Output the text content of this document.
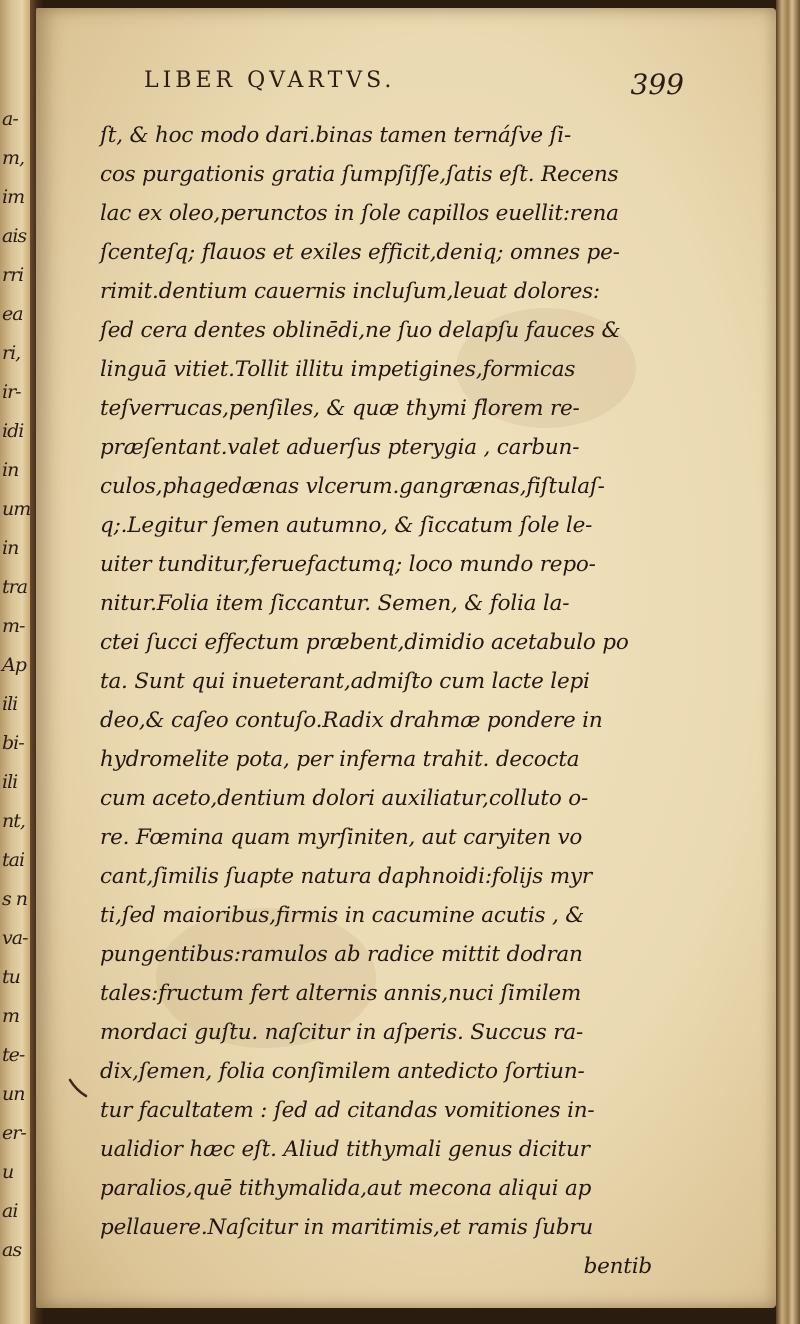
a-
m,
im
ais
rri
ea
ri,
ir-
idi
in
um
in
tra
m-
Ap
ili
bi-
ili
nt,
tai
s n
va-
tu
m
te-
un
er-
u
ai
as
LIBER QVARTVS.	399
ſt, & hoc modo dari.binas tamen ternáſve ſi-
cos purgationis gratia ſumpſiſſe,ſatis eſt. Recens
lac ex oleo,perunctos in ſole capillos euellit:rena
ſcenteſq; flauos et exiles efficit,deniq; omnes pe-
rimit.dentium cauernis incluſum,leuat dolores:
ſed cera dentes oblinēdi,ne ſuo delapſu fauces &
linguā vitiet.Tollit illitu impetigines,formicas
teſverrucas,penſiles, & quæ thymi florem re-
præſentant.valet aduerſus pterygia , carbun-
culos,phagedænas vlcerum.gangrænas,fiſtulaſ-
q;.Legitur ſemen autumno, & ſiccatum ſole le-
uiter tunditur,feruefactumq; loco mundo repo-
nitur.Folia item ſiccantur. Semen, & folia la-
ctei ſucci effectum præbent,dimidio acetabulo po
ta. Sunt qui inueterant,admiſto cum lacte lepi
deo,& caſeo contuſo.Radix drahmæ pondere in
hydromelite pota, per inferna trahit. decocta
cum aceto,dentium dolori auxiliatur,colluto o-
re. Fœmina quam myrſiniten, aut caryiten vo
cant,ſimilis ſuapte natura daphnoidi:folijs myr
ti,ſed maioribus,firmis in cacumine acutis , &
pungentibus:ramulos ab radice mittit dodran
tales:fructum fert alternis annis,nuci ſimilem
mordaci guſtu. naſcitur in aſperis. Succus ra-
dix,ſemen, folia conſimilem antedicto ſortiun-
tur facultatem : ſed ad citandas vomitiones in-
ualidior hæc eſt. Aliud tithymali genus dicitur
paralios,quē tithymalida,aut mecona aliqui ap
pellauere.Naſcitur in maritimis,et ramis ſubru
bentib
